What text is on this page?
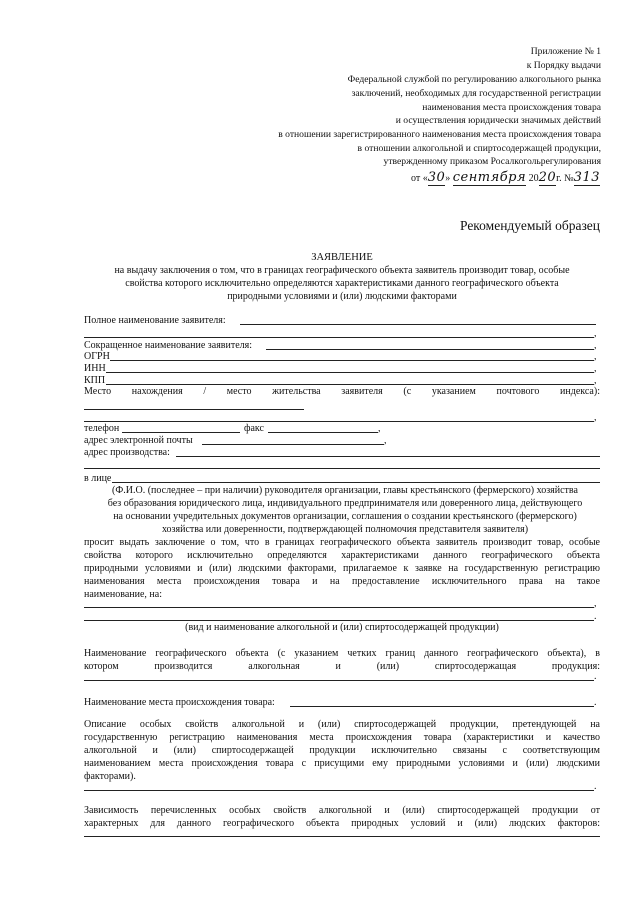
Приложение № 1
к Порядку выдачи
Федеральной службой по регулированию алкогольного рынка
заключений, необходимых для государственной регистрации
наименования места происхождения товара
и осуществления юридически значимых действий
в отношении зарегистрированного наименования места происхождения товара
в отношении алкогольной и спиртосодержащей продукции,
утвержденному приказом Росалкогольрегулирования
от «30» сентября 2020г. №313
Рекомендуемый образец
ЗАЯВЛЕНИЕ
на выдачу заключения о том, что в границах географического объекта заявитель производит товар, особые
свойства которого исключительно определяются характеристиками данного географического объекта
природными условиями и (или) людскими факторами
Полное наименование заявителя:
,
Сокращенное наименование заявителя:	,
ОГРН	,
ИНН	,
КПП	,
Место нахождения / место жительства заявителя (с указанием почтового индекса):
,
телефон	факс	,
адрес электронной почты	,
адрес производства:
в лице
(Ф.И.О. (последнее – при наличии) руководителя организации, главы крестьянского (фермерского) хозяйства
без образования юридического лица, индивидуального предпринимателя или доверенного лица, действующего
на основании учредительных документов организации, соглашения о создании крестьянского (фермерского)
хозяйства или доверенности, подтверждающей полномочия представителя заявителя)
просит выдать заключение о том, что в границах географического объекта заявитель производит товар, особые
свойства которого исключительно определяются характеристиками данного географического объекта
природными условиями и (или) людскими факторами, прилагаемое к заявке на государственную регистрацию
наименования места происхождения товара и на предоставление исключительного права на такое
наименование, на:
,
.
(вид и наименование алкогольной и (или) спиртосодержащей продукции)
Наименование географического объекта (с указанием четких границ данного географического объекта), в
котором	производится	алкогольная	и	(или)	спиртосодержащая	продукция:
.
Наименование места происхождения товара:	.
Описание особых свойств алкогольной и (или) спиртосодержащей продукции, претендующей на
государственную регистрацию наименования места происхождения товара (характеристики и качество
алкогольной и (или) спиртосодержащей продукции исключительно связаны с соответствующим
наименованием места происхождения товара с присущими ему природными условиями и (или) людскими
факторами).
.
Зависимость перечисленных особых свойств алкогольной и (или) спиртосодержащей продукции от
характерных для данного географического объекта природных условий и (или) людских факторов:
